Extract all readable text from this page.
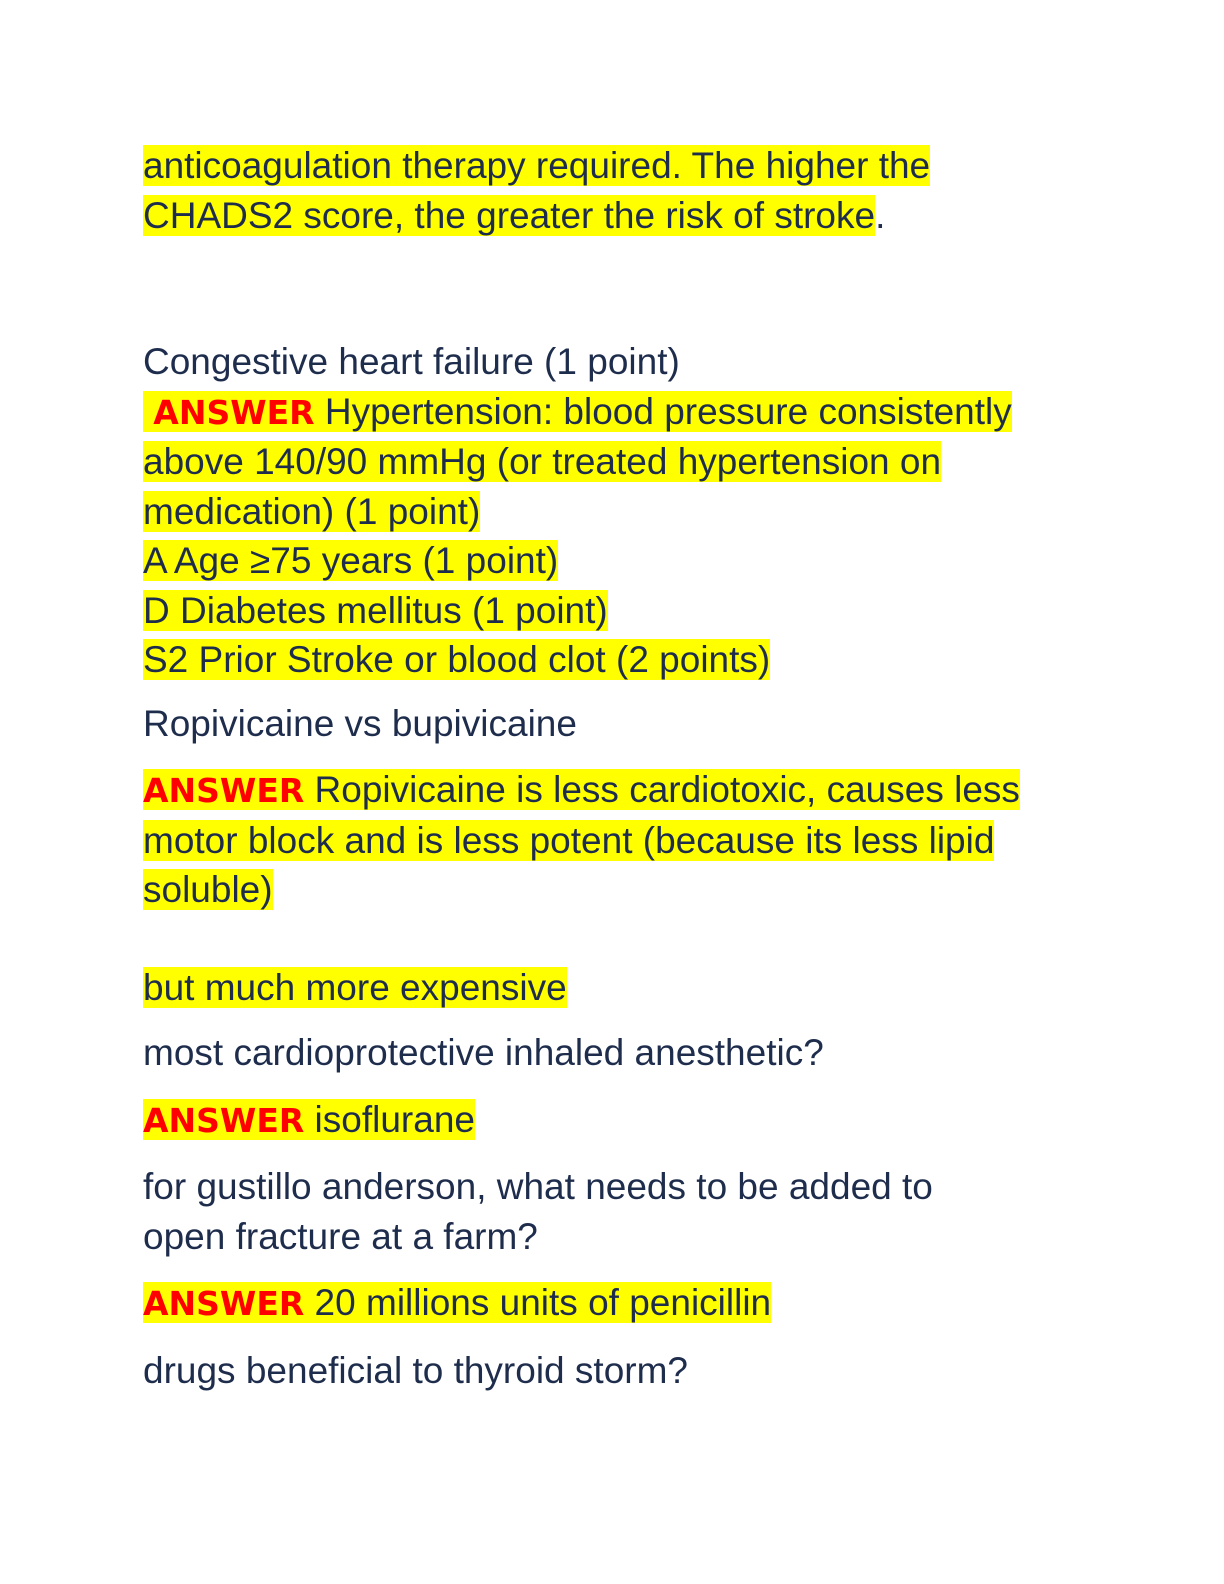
anticoagulation therapy required. The higher the
CHADS2 score, the greater the risk of stroke.

Congestive heart failure (1 point)
ANSWER Hypertension: blood pressure consistently
above 140/90 mmHg (or treated hypertension on
medication) (1 point)
A Age ≥75 years (1 point)
D Diabetes mellitus (1 point)
S2 Prior Stroke or blood clot (2 points)

Ropivicaine vs bupivicaine

ANSWER Ropivicaine is less cardiotoxic, causes less
motor block and is less potent (because its less lipid
soluble)

but much more expensive

most cardioprotective inhaled anesthetic?

ANSWER isoflurane

for gustillo anderson, what needs to be added to
open fracture at a farm?

ANSWER 20 millions units of penicillin

drugs beneficial to thyroid storm?
